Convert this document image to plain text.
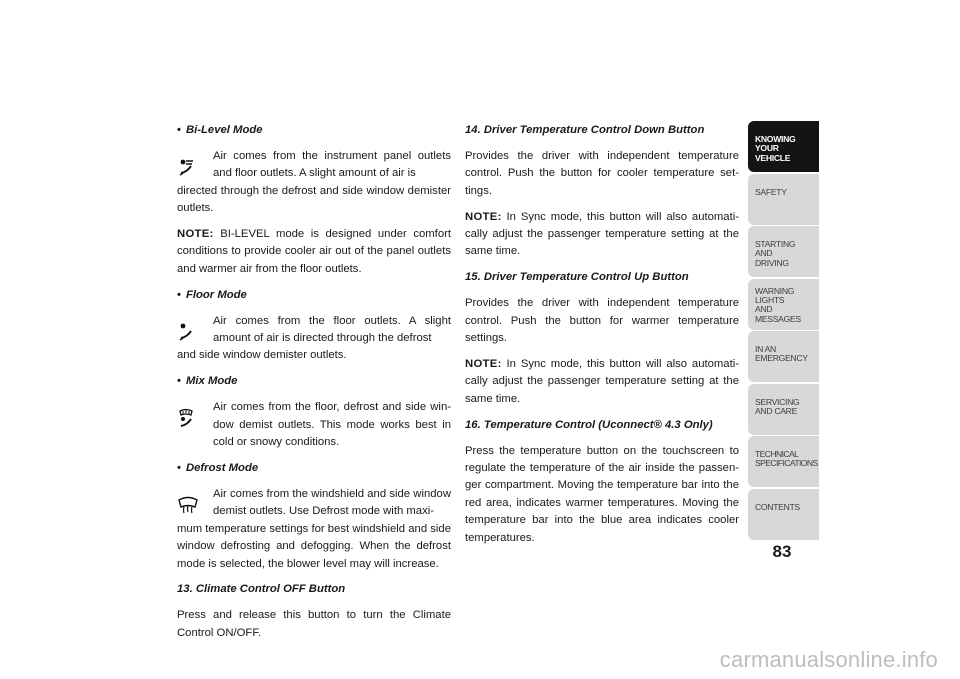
• Bi-Level Mode

Air comes from the instrument panel outlets and floor outlets. A slight amount of air is

directed through the defrost and side window demister outlets.

NOTE: BI-LEVEL mode is designed under comfort conditions to provide cooler air out of the panel outlets and warmer air from the floor outlets.

• Floor Mode

Air comes from the floor outlets. A slight amount of air is directed through the defrost

and side window demister outlets.

• Mix Mode

Air comes from the floor, defrost and side win- dow demist outlets. This mode works best in cold or snowy conditions.

• Defrost Mode

Air comes from the windshield and side window demist outlets. Use Defrost mode with maxi-

mum temperature settings for best windshield and side window defrosting and defogging. When the defrost mode is selected, the blower level may will increase.

13. Climate Control OFF Button

Press and release this button to turn the Climate Control ON/OFF.

14. Driver Temperature Control Down Button

Provides the driver with independent temperature control. Push the button for cooler temperature set- tings.

NOTE: In Sync mode, this button will also automati- cally adjust the passenger temperature setting at the same time.

15. Driver Temperature Control Up Button

Provides the driver with independent temperature control. Push the button for warmer temperature settings.

NOTE: In Sync mode, this button will also automati- cally adjust the passenger temperature setting at the same time.

16. Temperature Control (Uconnect® 4.3 Only)

Press the temperature button on the touchscreen to regulate the temperature of the air inside the passen- ger compartment. Moving the temperature bar into the red area, indicates warmer temperatures. Moving the temperature bar into the blue area indicates cooler temperatures.

KNOWING
YOUR
VEHICLE
SAFETY
STARTING
AND
DRIVING
WARNING
LIGHTS
AND
MESSAGES
IN AN
EMERGENCY
SERVICING
AND CARE
TECHNICAL
SPECIFICATIONS
CONTENTS
83
carmanualsonline.info
